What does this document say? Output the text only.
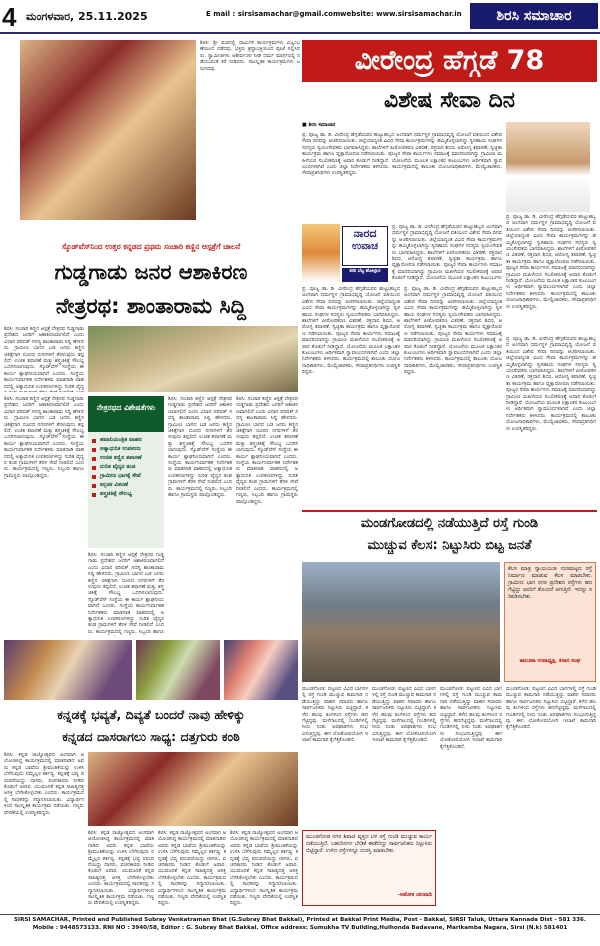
4 ಮಂಗಳವಾರ, 25.11.2025	E mail : sirsisamachar@gmail.com website: www.sirsisamachar.in	ಶಿರಸಿ ಸಮಾಚಾರ
ಶಿರಸಿ: ಶ್ರೀ ಮಠದಲ್ಲಿ ಧಾರ್ಮಿಕ ಕಾರ್ಯಕ್ರಮಗಳು ವಿಜೃಂಭಣೆಯಿಂದ ನಡೆದವು. ಭಕ್ತರು ಶ್ರದ್ಧಾಭಕ್ತಿಯಿಂದ ಪೂಜೆ ಸಲ್ಲಿಸಿದರು. ಸ್ವಾಮೀಜಿಗಳು ಆಶೀರ್ವಚನ ನೀಡಿ ಧರ್ಮ ಮಾರ್ಗದಲ್ಲಿ ನಡೆಯುವಂತೆ ಕರೆ ನೀಡಿದರು. ಸಾಂಸ್ಕೃತಿಕ ಕಾರ್ಯಕ್ರಮಗಳು ಜರುಗಿದವು.	ವೀರೇಂದ್ರ ಹೆಗ್ಗಡೆ 78
ವಿಶೇಷ ಸೇವಾ ದಿನ
■ ಶಿರಸಿ ಸಮಾಚಾರ
ಪ್ರ. ಪೂಜ್ಯ ಡಾ. ಡಿ. ವೀರೇಂದ್ರ ಹೆಗ್ಗಡೆಯವರ ಹುಟ್ಟುಹಬ್ಬದ ಅಂಗವಾಗಿ ಧರ್ಮಸ್ಥಳ ಗ್ರಾಮಾಭಿವೃದ್ಧಿ ಯೋಜನೆ ವತಿಯಿಂದ ವಿಶೇಷ ಸೇವಾ ದಿನವನ್ನು ಆಚರಿಸಲಾಯಿತು. ಜಿಲ್ಲೆಯಾದ್ಯಂತ ವಿವಿಧ ಸೇವಾ ಕಾರ್ಯಕ್ರಮಗಳನ್ನು ಹಮ್ಮಿಕೊಳ್ಳಲಾಗಿದ್ದು ಸ್ವಸಹಾಯ ಸಂಘಗಳ ಸದಸ್ಯರು ಸ್ವಯಂಸೇವಕರು ಭಾಗವಹಿಸಿದ್ದರು. ಶಾಲೆಗಳಿಗೆ ಪೀಠೋಪಕರಣ ವಿತರಣೆ, ರಕ್ತದಾನ ಶಿಬಿರ, ಆರೋಗ್ಯ ತಪಾಸಣೆ, ಸ್ವಚ್ಛತಾ ಕಾರ್ಯಕ್ರಮ ಹಾಗೂ ವೃಕ್ಷಾರೋಪಣ ನಡೆಸಲಾಯಿತು. ಪೂಜ್ಯರ ಸೇವಾ ಕಾರ್ಯಗಳು ಸಮಾಜಕ್ಕೆ ಮಾದರಿಯಾಗಿದ್ದು ಗ್ರಾಮೀಣ ಮಹಿಳೆಯರ ಸಬಲೀಕರಣಕ್ಕೆ ಅಪಾರ ಕೊಡುಗೆ ನೀಡಿದ್ದಾರೆ. ಯೋಜನೆಯ ಮೂಲಕ ಲಕ್ಷಾಂತರ ಕುಟುಂಬಗಳು ಆರ್ಥಿಕವಾಗಿ ಸ್ವಾವಲಂಬಿಗಳಾಗಿವೆ ಎಂದು ಜಿಲ್ಲಾ ನಿರ್ದೇಶಕರು ತಿಳಿಸಿದರು. ಕಾರ್ಯಕ್ರಮದಲ್ಲಿ ತಾಲೂಕು ಯೋಜನಾಧಿಕಾರಿಗಳು, ಮೇಲ್ವಿಚಾರಕರು, ಸೇವಾಪ್ರತಿನಿಧಿಗಳು ಉಪಸ್ಥಿತರಿದ್ದರು.
ಪ್ರ. ಪೂಜ್ಯ ಡಾ. ಡಿ. ವೀರೇಂದ್ರ ಹೆಗ್ಗಡೆಯವರ ಹುಟ್ಟುಹಬ್ಬದ ಅಂಗವಾಗಿ ಧರ್ಮಸ್ಥಳ ಗ್ರಾಮಾಭಿವೃದ್ಧಿ ಯೋಜನೆ ವತಿಯಿಂದ ವಿಶೇಷ ಸೇವಾ ದಿನವನ್ನು ಆಚರಿಸಲಾಯಿತು. ಜಿಲ್ಲೆಯಾದ್ಯಂತ ವಿವಿಧ ಸೇವಾ ಕಾರ್ಯಕ್ರಮಗಳನ್ನು ಹಮ್ಮಿಕೊಳ್ಳಲಾಗಿದ್ದು ಸ್ವಸಹಾಯ ಸಂಘಗಳ ಸದಸ್ಯರು ಸ್ವಯಂಸೇವಕರು ಭಾಗವಹಿಸಿದ್ದರು. ಶಾಲೆಗಳಿಗೆ ಪೀಠೋಪಕರಣ ವಿತರಣೆ, ರಕ್ತದಾನ ಶಿಬಿರ, ಆರೋಗ್ಯ ತಪಾಸಣೆ, ಸ್ವಚ್ಛತಾ ಕಾರ್ಯಕ್ರಮ ಹಾಗೂ ವೃಕ್ಷಾರೋಪಣ ನಡೆಸಲಾಯಿತು. ಪೂಜ್ಯರ ಸೇವಾ ಕಾರ್ಯಗಳು ಸಮಾಜಕ್ಕೆ ಮಾದರಿಯಾಗಿದ್ದು ಗ್ರಾಮೀಣ ಮಹಿಳೆಯರ ಸಬಲೀಕರಣಕ್ಕೆ ಅಪಾರ ಕೊಡುಗೆ ನೀಡಿದ್ದಾರೆ. ಯೋಜನೆಯ ಮೂಲಕ ಲಕ್ಷಾಂತರ ಕುಟುಂಬಗಳು ಆರ್ಥಿಕವಾಗಿ ಸ್ವಾವಲಂಬಿಗಳಾಗಿವೆ ಎಂದು ಜಿಲ್ಲಾ ನಿರ್ದೇಶಕರು ತಿಳಿಸಿದರು. ಕಾರ್ಯಕ್ರಮದಲ್ಲಿ ತಾಲೂಕು ಯೋಜನಾಧಿಕಾರಿಗಳು, ಮೇಲ್ವಿಚಾರಕರು, ಸೇವಾಪ್ರತಿನಿಧಿಗಳು ಉಪಸ್ಥಿತರಿದ್ದರು.
ನಾರದ
ಉವಾಚ
ಕನಕ ಬೆಟ್ಟ ಹೋಲ್ತಾನ
ಪ್ರ. ಪೂಜ್ಯ ಡಾ. ಡಿ. ವೀರೇಂದ್ರ ಹೆಗ್ಗಡೆಯವರ ಹುಟ್ಟುಹಬ್ಬದ ಅಂಗವಾಗಿ ಧರ್ಮಸ್ಥಳ ಗ್ರಾಮಾಭಿವೃದ್ಧಿ ಯೋಜನೆ ವತಿಯಿಂದ ವಿಶೇಷ ಸೇವಾ ದಿನವನ್ನು ಆಚರಿಸಲಾಯಿತು. ಜಿಲ್ಲೆಯಾದ್ಯಂತ ವಿವಿಧ ಸೇವಾ ಕಾರ್ಯಕ್ರಮಗಳನ್ನು ಹಮ್ಮಿಕೊಳ್ಳಲಾಗಿದ್ದು ಸ್ವಸಹಾಯ ಸಂಘಗಳ ಸದಸ್ಯರು ಸ್ವಯಂಸೇವಕರು ಭಾಗವಹಿಸಿದ್ದರು. ಶಾಲೆಗಳಿಗೆ ಪೀಠೋಪಕರಣ ವಿತರಣೆ, ರಕ್ತದಾನ ಶಿಬಿರ, ಆರೋಗ್ಯ ತಪಾಸಣೆ, ಸ್ವಚ್ಛತಾ ಕಾರ್ಯಕ್ರಮ ಹಾಗೂ ವೃಕ್ಷಾರೋಪಣ ನಡೆಸಲಾಯಿತು. ಪೂಜ್ಯರ ಸೇವಾ ಕಾರ್ಯಗಳು ಸಮಾಜಕ್ಕೆ ಮಾದರಿಯಾಗಿದ್ದು ಗ್ರಾಮೀಣ ಮಹಿಳೆಯರ ಸಬಲೀಕರಣಕ್ಕೆ ಅಪಾರ ಕೊಡುಗೆ ನೀಡಿದ್ದಾರೆ. ಯೋಜನೆಯ ಮೂಲಕ ಲಕ್ಷಾಂತರ ಕುಟುಂಬಗಳು
ಸ್ಕೊಡ್‌ವೆಸ್‌ನಿಂದ ಉತ್ತರ ಕನ್ನಡದ ಪ್ರಥಮ ಸಂಚಾರಿ ಕಣ್ಣಿನ ಆಸ್ಪತ್ರೆಗೆ ಚಾಲನೆ
ಗುಡ್ಡಗಾಡು ಜನರ ಆಶಾಕಿರಣ
ನೇತ್ರರಥ: ಶಾಂತಾರಾಮ ಸಿದ್ದಿ
ಶಿರಸಿ: ಸಂಚಾರಿ ಕಣ್ಣಿನ ಆಸ್ಪತ್ರೆ ನೇತ್ರರಥ ಗುಡ್ಡಗಾಡು ಪ್ರದೇಶದ ಜನರಿಗೆ ಆಶಾಕಿರಣವಾಗಲಿದೆ ಎಂದು ವಿಧಾನ ಪರಿಷತ್ ಸದಸ್ಯ ಶಾಂತಾರಾಮ ಸಿದ್ದಿ ಹೇಳಿದರು. ಗ್ರಾಮೀಣ ಭಾಗದ ಬಡ ಜನರು ಕಣ್ಣಿನ ಚಿಕಿತ್ಸೆಗಾಗಿ ದೂರದ ನಗರಗಳಿಗೆ ತೆರಳುವುದು ತಪ್ಪಲಿದೆ. ಉಚಿತ ತಪಾಸಣೆ ಮತ್ತು ಶಸ್ತ್ರಚಿಕಿತ್ಸೆ ಸೌಲಭ್ಯ ಒದಗಿಸಲಾಗುವುದು. ಸ್ಕೊಡ್‌ವೆಸ್ ಸಂಸ್ಥೆಯ ಈ ಕಾರ್ಯ ಶ್ಲಾಘನೀಯವಾಗಿದೆ ಎಂದರು. ಸಂಸ್ಥೆಯ ಕಾರ್ಯನಿರ್ವಾಹಕ ನಿರ್ದೇಶಕರು ಮಾತನಾಡಿ ವಾಹನದಲ್ಲಿ ಅತ್ಯಾಧುನಿಕ ಉಪಕರಣಗಳಿದ್ದು ನುರಿತ ವೈದ್ಯ
ನೇತ್ರರಥದ ವಿಶೇಷತೆಗಳು
ಹವಾನಿಯಂತ್ರಿತ ವಾಹನ
ಅತ್ಯಾಧುನಿಕ ಉಪಕರಣ
ಉಚಿತ ಕಣ್ಣಿನ ತಪಾಸಣೆ
ನುರಿತ ವೈದ್ಯರ ತಂಡ
ಗ್ರಾಮೀಣ ಭಾಗಕ್ಕೆ ಸೇವೆ
ಕನ್ನಡಕ ವಿತರಣೆ
ಶಸ್ತ್ರಚಿಕಿತ್ಸೆ ಸೌಲಭ್ಯ
ಶಿರಸಿ: ಸಂಚಾರಿ ಕಣ್ಣಿನ ಆಸ್ಪತ್ರೆ ನೇತ್ರರಥ ಗುಡ್ಡಗಾಡು ಪ್ರದೇಶದ ಜನರಿಗೆ ಆಶಾಕಿರಣವಾಗಲಿದೆ ಎಂದು ವಿಧಾನ ಪರಿಷತ್ ಸದಸ್ಯ ಶಾಂತಾರಾಮ ಸಿದ್ದಿ ಹೇಳಿದರು. ಗ್ರಾಮೀಣ ಭಾಗದ ಬಡ ಜನರು ಕಣ್ಣಿನ ಚಿಕಿತ್ಸೆಗಾಗಿ ದೂರದ ನಗರಗಳಿಗೆ ತೆರಳುವುದು ತಪ್ಪಲಿದೆ. ಉಚಿತ ತಪಾಸಣೆ ಮತ್ತು ಶಸ್ತ್ರಚಿಕಿತ್ಸೆ ಸೌಲಭ್ಯ ಒದಗಿಸಲಾಗುವುದು. ಸ್ಕೊಡ್‌ವೆಸ್ ಸಂಸ್ಥೆಯ ಈ ಕಾರ್ಯ ಶ್ಲಾಘನೀಯವಾಗಿದೆ ಎಂದರು. ಸಂಸ್ಥೆಯ ಕಾರ್ಯನಿರ್ವಾಹಕ ನಿರ್ದೇಶಕರು ಮಾತನಾಡಿ ವಾಹನದಲ್ಲಿ ಅತ್ಯಾಧುನಿಕ ಉಪಕರಣಗಳಿದ್ದು ನುರಿತ ವೈದ್ಯರ ತಂಡ ಗ್ರಾಮಗಳಿಗೆ ತೆರಳಿ ಸೇವೆ ನೀಡಲಿದೆ ಎಂದರು. ಕಾರ್ಯಕ್ರಮದಲ್ಲಿ ಗಣ್ಯರು, ಸಿಬ್ಬಂದಿ ಹಾಗೂ ಗ್ರಾಮಸ್ಥರು ಪಾಲ್ಗೊಂಡಿದ್ದರು.
ಶಿರಸಿ: ಸಂಚಾರಿ ಕಣ್ಣಿನ ಆಸ್ಪತ್ರೆ ನೇತ್ರರಥ ಗುಡ್ಡಗಾಡು ಪ್ರದೇಶದ ಜನರಿಗೆ ಆಶಾಕಿರಣವಾಗಲಿದೆ ಎಂದು ವಿಧಾನ ಪರಿಷತ್ ಸದಸ್ಯ ಶಾಂತಾರಾಮ ಸಿದ್ದಿ ಹೇಳಿದರು. ಗ್ರಾಮೀಣ ಭಾಗದ ಬಡ ಜನರು ಕಣ್ಣಿನ ಚಿಕಿತ್ಸೆಗಾಗಿ ದೂರದ ನಗರಗಳಿಗೆ ತೆರಳುವುದು ತಪ್ಪಲಿದೆ. ಉಚಿತ ತಪಾಸಣೆ ಮತ್ತು ಶಸ್ತ್ರಚಿಕಿತ್ಸೆ ಸೌಲಭ್ಯ ಒದಗಿಸಲಾಗುವುದು. ಸ್ಕೊಡ್‌ವೆಸ್ ಸಂಸ್ಥೆಯ ಈ ಕಾರ್ಯ ಶ್ಲಾಘನೀಯವಾಗಿದೆ ಎಂದರು. ಸಂಸ್ಥೆಯ ಕಾರ್ಯನಿರ್ವಾಹಕ ನಿರ್ದೇಶಕರು ಮಾತನಾಡಿ ವಾಹನದಲ್ಲಿ ಅತ್ಯಾಧುನಿಕ ಉಪಕರಣಗಳಿದ್ದು ನುರಿತ ವೈದ್ಯರ ತಂಡ ಗ್ರಾಮಗಳಿಗೆ ತೆರಳಿ ಸೇವೆ ನೀಡಲಿದೆ ಎಂದರು. ಕಾರ್ಯಕ್ರಮದಲ್ಲಿ ಗಣ್ಯರು, ಸಿಬ್ಬಂದಿ ಹಾಗೂ ಗ್ರಾಮಸ್ಥರು ಪಾಲ್ಗೊಂಡಿದ್ದರು.
ಶಿರಸಿ: ಸಂಚಾರಿ ಕಣ್ಣಿನ ಆಸ್ಪತ್ರೆ ನೇತ್ರರಥ ಗುಡ್ಡಗಾಡು ಪ್ರದೇಶದ ಜನರಿಗೆ ಆಶಾಕಿರಣವಾಗಲಿದೆ ಎಂದು ವಿಧಾನ ಪರಿಷತ್ ಸದಸ್ಯ ಶಾಂತಾರಾಮ ಸಿದ್ದಿ ಹೇಳಿದರು. ಗ್ರಾಮೀಣ ಭಾಗದ ಬಡ ಜನರು ಕಣ್ಣಿನ ಚಿಕಿತ್ಸೆಗಾಗಿ ದೂರದ ನಗರಗಳಿಗೆ ತೆರಳುವುದು ತಪ್ಪಲಿದೆ. ಉಚಿತ ತಪಾಸಣೆ ಮತ್ತು ಶಸ್ತ್ರಚಿಕಿತ್ಸೆ ಸೌಲಭ್ಯ ಒದಗಿಸಲಾಗುವುದು. ಸ್ಕೊಡ್‌ವೆಸ್ ಸಂಸ್ಥೆಯ ಈ ಕಾರ್ಯ ಶ್ಲಾಘನೀಯವಾಗಿದೆ ಎಂದರು. ಸಂಸ್ಥೆಯ ಕಾರ್ಯನಿರ್ವಾಹಕ ನಿರ್ದೇಶಕರು ಮಾತನಾಡಿ ವಾಹನದಲ್ಲಿ ಅತ್ಯಾಧುನಿಕ ಉಪಕರಣಗಳಿದ್ದು ನುರಿತ ವೈದ್ಯರ ತಂಡ ಗ್ರಾಮಗಳಿಗೆ ತೆರಳಿ ಸೇವೆ ನೀಡಲಿದೆ ಎಂದರು. ಕಾರ್ಯಕ್ರಮದಲ್ಲಿ ಗಣ್ಯರು, ಸಿಬ್ಬಂದಿ ಹಾಗೂ ಗ್ರಾಮಸ್ಥರು ಪಾಲ್ಗೊಂಡಿದ್ದರು.
ಶಿರಸಿ: ಸಂಚಾರಿ ಕಣ್ಣಿನ ಆಸ್ಪತ್ರೆ ನೇತ್ರರಥ ಗುಡ್ಡಗಾಡು ಪ್ರದೇಶದ ಜನರಿಗೆ ಆಶಾಕಿರಣವಾಗಲಿದೆ ಎಂದು ವಿಧಾನ ಪರಿಷತ್ ಸದಸ್ಯ ಶಾಂತಾರಾಮ ಸಿದ್ದಿ ಹೇಳಿದರು. ಗ್ರಾಮೀಣ ಭಾಗದ ಬಡ ಜನರು ಕಣ್ಣಿನ ಚಿಕಿತ್ಸೆಗಾಗಿ ದೂರದ ನಗರಗಳಿಗೆ ತೆರಳುವುದು ತಪ್ಪಲಿದೆ. ಉಚಿತ ತಪಾಸಣೆ ಮತ್ತು ಶಸ್ತ್ರಚಿಕಿತ್ಸೆ ಸೌಲಭ್ಯ ಒದಗಿಸಲಾಗುವುದು. ಸ್ಕೊಡ್‌ವೆಸ್ ಸಂಸ್ಥೆಯ ಈ ಕಾರ್ಯ ಶ್ಲಾಘನೀಯವಾಗಿದೆ ಎಂದರು. ಸಂಸ್ಥೆಯ ಕಾರ್ಯನಿರ್ವಾಹಕ ನಿರ್ದೇಶಕರು ಮಾತನಾಡಿ ವಾಹನದಲ್ಲಿ ಅತ್ಯಾಧುನಿಕ ಉಪಕರಣಗಳಿದ್ದು ನುರಿತ ವೈದ್ಯರ ತಂಡ ಗ್ರಾಮಗಳಿಗೆ ತೆರಳಿ ಸೇವೆ ನೀಡಲಿದೆ ಎಂದರು. ಕಾರ್ಯಕ್ರಮದಲ್ಲಿ ಗಣ್ಯರು, ಸಿಬ್ಬಂದಿ ಹಾಗೂ
ಪ್ರ. ಪೂಜ್ಯ ಡಾ. ಡಿ. ವೀರೇಂದ್ರ ಹೆಗ್ಗಡೆಯವರ ಹುಟ್ಟುಹಬ್ಬದ ಅಂಗವಾಗಿ ಧರ್ಮಸ್ಥಳ ಗ್ರಾಮಾಭಿವೃದ್ಧಿ ಯೋಜನೆ ವತಿಯಿಂದ ವಿಶೇಷ ಸೇವಾ ದಿನವನ್ನು ಆಚರಿಸಲಾಯಿತು. ಜಿಲ್ಲೆಯಾದ್ಯಂತ ವಿವಿಧ ಸೇವಾ ಕಾರ್ಯಕ್ರಮಗಳನ್ನು ಹಮ್ಮಿಕೊಳ್ಳಲಾಗಿದ್ದು ಸ್ವಸಹಾಯ ಸಂಘಗಳ ಸದಸ್ಯರು ಸ್ವಯಂಸೇವಕರು ಭಾಗವಹಿಸಿದ್ದರು. ಶಾಲೆಗಳಿಗೆ ಪೀಠೋಪಕರಣ ವಿತರಣೆ, ರಕ್ತದಾನ ಶಿಬಿರ, ಆರೋಗ್ಯ ತಪಾಸಣೆ, ಸ್ವಚ್ಛತಾ ಕಾರ್ಯಕ್ರಮ ಹಾಗೂ ವೃಕ್ಷಾರೋಪಣ ನಡೆಸಲಾಯಿತು. ಪೂಜ್ಯರ ಸೇವಾ ಕಾರ್ಯಗಳು ಸಮಾಜಕ್ಕೆ ಮಾದರಿಯಾಗಿದ್ದು ಗ್ರಾಮೀಣ ಮಹಿಳೆಯರ ಸಬಲೀಕರಣಕ್ಕೆ ಅಪಾರ ಕೊಡುಗೆ ನೀಡಿದ್ದಾರೆ. ಯೋಜನೆಯ ಮೂಲಕ ಲಕ್ಷಾಂತರ ಕುಟುಂಬಗಳು ಆರ್ಥಿಕವಾಗಿ ಸ್ವಾವಲಂಬಿಗಳಾಗಿವೆ ಎಂದು ಜಿಲ್ಲಾ ನಿರ್ದೇಶಕರು ತಿಳಿಸಿದರು. ಕಾರ್ಯಕ್ರಮದಲ್ಲಿ ತಾಲೂಕು ಯೋಜನಾಧಿಕಾರಿಗಳು, ಮೇಲ್ವಿಚಾರಕರು, ಸೇವಾಪ್ರತಿನಿಧಿಗಳು ಉಪಸ್ಥಿತರಿದ್ದರು.
ಪ್ರ. ಪೂಜ್ಯ ಡಾ. ಡಿ. ವೀರೇಂದ್ರ ಹೆಗ್ಗಡೆಯವರ ಹುಟ್ಟುಹಬ್ಬದ ಅಂಗವಾಗಿ ಧರ್ಮಸ್ಥಳ ಗ್ರಾಮಾಭಿವೃದ್ಧಿ ಯೋಜನೆ ವತಿಯಿಂದ ವಿಶೇಷ ಸೇವಾ ದಿನವನ್ನು ಆಚರಿಸಲಾಯಿತು. ಜಿಲ್ಲೆಯಾದ್ಯಂತ ವಿವಿಧ ಸೇವಾ ಕಾರ್ಯಕ್ರಮಗಳನ್ನು ಹಮ್ಮಿಕೊಳ್ಳಲಾಗಿದ್ದು ಸ್ವಸಹಾಯ ಸಂಘಗಳ ಸದಸ್ಯರು ಸ್ವಯಂಸೇವಕರು ಭಾಗವಹಿಸಿದ್ದರು. ಶಾಲೆಗಳಿಗೆ ಪೀಠೋಪಕರಣ ವಿತರಣೆ, ರಕ್ತದಾನ ಶಿಬಿರ, ಆರೋಗ್ಯ ತಪಾಸಣೆ, ಸ್ವಚ್ಛತಾ ಕಾರ್ಯಕ್ರಮ ಹಾಗೂ ವೃಕ್ಷಾರೋಪಣ ನಡೆಸಲಾಯಿತು. ಪೂಜ್ಯರ ಸೇವಾ ಕಾರ್ಯಗಳು ಸಮಾಜಕ್ಕೆ ಮಾದರಿಯಾಗಿದ್ದು ಗ್ರಾಮೀಣ ಮಹಿಳೆಯರ ಸಬಲೀಕರಣಕ್ಕೆ ಅಪಾರ ಕೊಡುಗೆ ನೀಡಿದ್ದಾರೆ. ಯೋಜನೆಯ ಮೂಲಕ ಲಕ್ಷಾಂತರ ಕುಟುಂಬಗಳು ಆರ್ಥಿಕವಾಗಿ ಸ್ವಾವಲಂಬಿಗಳಾಗಿವೆ ಎಂದು ಜಿಲ್ಲಾ ನಿರ್ದೇಶಕರು ತಿಳಿಸಿದರು. ಕಾರ್ಯಕ್ರಮದಲ್ಲಿ ತಾಲೂಕು ಯೋಜನಾಧಿಕಾರಿಗಳು, ಮೇಲ್ವಿಚಾರಕರು, ಸೇವಾಪ್ರತಿನಿಧಿಗಳು ಉಪಸ್ಥಿತರಿದ್ದರು.
ಪ್ರ. ಪೂಜ್ಯ ಡಾ. ಡಿ. ವೀರೇಂದ್ರ ಹೆಗ್ಗಡೆಯವರ ಹುಟ್ಟುಹಬ್ಬದ ಅಂಗವಾಗಿ ಧರ್ಮಸ್ಥಳ ಗ್ರಾಮಾಭಿವೃದ್ಧಿ ಯೋಜನೆ ವತಿಯಿಂದ ವಿಶೇಷ ಸೇವಾ ದಿನವನ್ನು ಆಚರಿಸಲಾಯಿತು. ಜಿಲ್ಲೆಯಾದ್ಯಂತ ವಿವಿಧ ಸೇವಾ ಕಾರ್ಯಕ್ರಮಗಳನ್ನು ಹಮ್ಮಿಕೊಳ್ಳಲಾಗಿದ್ದು ಸ್ವಸಹಾಯ ಸಂಘಗಳ ಸದಸ್ಯರು ಸ್ವಯಂಸೇವಕರು ಭಾಗವಹಿಸಿದ್ದರು. ಶಾಲೆಗಳಿಗೆ ಪೀಠೋಪಕರಣ ವಿತರಣೆ, ರಕ್ತದಾನ ಶಿಬಿರ, ಆರೋಗ್ಯ ತಪಾಸಣೆ, ಸ್ವಚ್ಛತಾ ಕಾರ್ಯಕ್ರಮ ಹಾಗೂ ವೃಕ್ಷಾರೋಪಣ ನಡೆಸಲಾಯಿತು. ಪೂಜ್ಯರ ಸೇವಾ ಕಾರ್ಯಗಳು ಸಮಾಜಕ್ಕೆ ಮಾದರಿಯಾಗಿದ್ದು ಗ್ರಾಮೀಣ ಮಹಿಳೆಯರ ಸಬಲೀಕರಣಕ್ಕೆ ಅಪಾರ ಕೊಡುಗೆ ನೀಡಿದ್ದಾರೆ. ಯೋಜನೆಯ ಮೂಲಕ ಲಕ್ಷಾಂತರ ಕುಟುಂಬಗಳು ಆರ್ಥಿಕವಾಗಿ ಸ್ವಾವಲಂಬಿಗಳಾಗಿವೆ ಎಂದು ಜಿಲ್ಲಾ ನಿರ್ದೇಶಕರು ತಿಳಿಸಿದರು. ಕಾರ್ಯಕ್ರಮದಲ್ಲಿ ತಾಲೂಕು ಯೋಜನಾಧಿಕಾರಿಗಳು, ಮೇಲ್ವಿಚಾರಕರು, ಸೇವಾಪ್ರತಿನಿಧಿಗಳು ಉಪಸ್ಥಿತರಿದ್ದರು.
ಮಂಡಗೋಡದಲ್ಲಿ ನಡೆಯುತ್ತಿದೆ ರಸ್ತೆ ಗುಂಡಿ
ಮುಚ್ಚುವ ಕೆಲಸ: ನಿಟ್ಟುಸಿರು ಬಿಟ್ಟ ಜನತೆ
ಕೆಲಸ ಮಾತ್ರ ನ್ಯಾಯಯುತ ಗುಣಮಟ್ಟದ ರಸ್ತೆ ನಿರ್ಮಾಣ ಮಾಡುವ ಕೆಲಸ ಮಾಡಬೇಕು. ಗ್ರಾಮೀಣ ಭಾಗ ನಗರ ಪ್ರದೇಶದ ರಸ್ತೆಗಳು ಹದಗೆಟ್ಟಿದ್ದು ಜನರಿಗೆ ತೊಂದರೆ ಆಗುತ್ತಿದೆ. ಇದನ್ನು ಸರಿಪಡಿಸಬೇಕು.
ತಾಲೂಕಾ ಉಪಾಧ್ಯಕ್ಷ, ಕಿಸಾನ ಸಂಘ
ಮುಂಡಗೋಡ: ಪಟ್ಟಣದ ವಿವಿಧ ಭಾಗಗಳಲ್ಲಿ ರಸ್ತೆ ಗುಂಡಿ ಮುಚ್ಚುವ ಕಾಮಗಾರಿ ನಡೆಯುತ್ತಿದ್ದು ವಾಹನ ಸವಾರರು ಹಾಗೂ ಸಾರ್ವಜನಿಕರು ನಿಟ್ಟುಸಿರು ಬಿಟ್ಟಿದ್ದಾರೆ. ಕಳೆದ ಹಲವು ತಿಂಗಳಿಂದ ರಸ್ತೆಗಳು ಹದಗೆಟ್ಟಿದ್ದವು. ಮಳೆಗಾಲದಲ್ಲಿ ಗುಂಡಿಗಳಲ್ಲಿ ನೀರು ನಿಂತು ಅಪಘಾತಗಳು ಸಂಭವಿಸುತ್ತಿದ್ದವು. ಈಗ ಲೋಕೋಪಯೋಗಿ ಇಲಾಖೆ ಕಾಮಗಾರಿ ಕೈಗೆತ್ತಿಕೊಂಡಿದೆ.
ಮುಂಡಗೋಡ: ಪಟ್ಟಣದ ವಿವಿಧ ಭಾಗಗಳಲ್ಲಿ ರಸ್ತೆ ಗುಂಡಿ ಮುಚ್ಚುವ ಕಾಮಗಾರಿ ನಡೆಯುತ್ತಿದ್ದು ವಾಹನ ಸವಾರರು ಹಾಗೂ ಸಾರ್ವಜನಿಕರು ನಿಟ್ಟುಸಿರು ಬಿಟ್ಟಿದ್ದಾರೆ. ಕಳೆದ ಹಲವು ತಿಂಗಳಿಂದ ರಸ್ತೆಗಳು ಹದಗೆಟ್ಟಿದ್ದವು. ಮಳೆಗಾಲದಲ್ಲಿ ಗುಂಡಿಗಳಲ್ಲಿ ನೀರು ನಿಂತು ಅಪಘಾತಗಳು ಸಂಭವಿಸುತ್ತಿದ್ದವು. ಈಗ ಲೋಕೋಪಯೋಗಿ ಇಲಾಖೆ ಕಾಮಗಾರಿ ಕೈಗೆತ್ತಿಕೊಂಡಿದೆ.
ಮುಂಡಗೋಡ: ಪಟ್ಟಣದ ವಿವಿಧ ಭಾಗಗಳಲ್ಲಿ ರಸ್ತೆ ಗುಂಡಿ ಮುಚ್ಚುವ ಕಾಮಗಾರಿ ನಡೆಯುತ್ತಿದ್ದು ವಾಹನ ಸವಾರರು ಹಾಗೂ ಸಾರ್ವಜನಿಕರು ನಿಟ್ಟುಸಿರು ಬಿಟ್ಟಿದ್ದಾರೆ. ಕಳೆದ ಹಲವು ತಿಂಗಳಿಂದ ರಸ್ತೆಗಳು ಹದಗೆಟ್ಟಿದ್ದವು. ಮಳೆಗಾಲದಲ್ಲಿ ಗುಂಡಿಗಳಲ್ಲಿ ನೀರು ನಿಂತು ಅಪಘಾತಗಳು ಸಂಭವಿಸುತ್ತಿದ್ದವು. ಈಗ ಲೋಕೋಪಯೋಗಿ ಇಲಾಖೆ ಕಾಮಗಾರಿ ಕೈಗೆತ್ತಿಕೊಂಡಿದೆ.
ಮುಂಡಗೋಡ: ಪಟ್ಟಣದ ವಿವಿಧ ಭಾಗಗಳಲ್ಲಿ ರಸ್ತೆ ಗುಂಡಿ ಮುಚ್ಚುವ ಕಾಮಗಾರಿ ನಡೆಯುತ್ತಿದ್ದು ವಾಹನ ಸವಾರರು ಹಾಗೂ ಸಾರ್ವಜನಿಕರು ನಿಟ್ಟುಸಿರು ಬಿಟ್ಟಿದ್ದಾರೆ. ಕಳೆದ ಹಲವು ತಿಂಗಳಿಂದ ರಸ್ತೆಗಳು ಹದಗೆಟ್ಟಿದ್ದವು. ಮಳೆಗಾಲದಲ್ಲಿ ಗುಂಡಿಗಳಲ್ಲಿ ನೀರು ನಿಂತು ಅಪಘಾತಗಳು ಸಂಭವಿಸುತ್ತಿದ್ದವು. ಈಗ ಲೋಕೋಪಯೋಗಿ ಇಲಾಖೆ ಕಾಮಗಾರಿ ಕೈಗೆತ್ತಿಕೊಂಡಿದೆ.
ಮುಂಡಗೋಡ ನಗರ ಶಿವಾಜಿ ವೃತ್ತದ ಬಳಿ ರಸ್ತೆ ಗುಂಡಿ ಮುಚ್ಚುವ ಕಾರ್ಯ ನಡೆಯುತ್ತಿದೆ. ಬಹುದಿನಗಳ ಬೇಡಿಕೆ ಈಡೇರಿದ್ದು ಸಾರ್ವಜನಿಕರು ನಿಟ್ಟುಸಿರು ಬಿಟ್ಟಿದ್ದಾರೆ. ಉಳಿದ ರಸ್ತೆಗಳನ್ನೂ ದುರಸ್ತಿ ಮಾಡಬೇಕು.
-ಅಶೋಕ ಚಲವಾದಿ
ಕನ್ನಡಕ್ಕೆ ಭವ್ಯತೆ, ದಿವ್ಯತೆ ಬಂದರೆ ನಾವು ಹೇಳಿಕ್ಕು
ಕನ್ನಡದ ದಾಸರಾಗಲು ಸಾಧ್ಯ: ದತ್ತಗುರು ಕಂಠಿ
ಶಿರಸಿ: ಕನ್ನಡ ರಾಜ್ಯೋತ್ಸವದ ಅಂಗವಾಗಿ ಆಯೋಜಿಸಿದ್ದ ಕಾರ್ಯಕ್ರಮದಲ್ಲಿ ಮಾತನಾಡಿದ ಅವರು ಕನ್ನಡ ಭಾಷೆಯ ಶ್ರೀಮಂತಿಕೆಯನ್ನು ಉಳಿಸಿ ಬೆಳೆಸುವುದು ನಮ್ಮೆಲ್ಲರ ಕರ್ತವ್ಯ. ಕನ್ನಡಕ್ಕೆ ಭವ್ಯ ಪರಂಪರೆಯಿದ್ದು ದಾಸರು, ವಚನಕಾರರು ನೀಡಿದ ಕೊಡುಗೆ ಅಪಾರ. ಯುವಜನತೆ ಕನ್ನಡ ಸಾಹಿತ್ಯದತ್ತ ಆಸಕ್ತಿ ಬೆಳೆಸಿಕೊಳ್ಳಬೇಕು ಎಂದರು. ಕಾರ್ಯಕ್ರಮದಲ್ಲಿ ಸಾಧಕರನ್ನು ಸನ್ಮಾನಿಸಲಾಯಿತು. ವಿದ್ಯಾರ್ಥಿಗಳಿಂದ ಸಾಂಸ್ಕೃತಿಕ ಕಾರ್ಯಕ್ರಮ ನಡೆಯಿತು. ಗಣ್ಯರು ವೇದಿಕೆಯಲ್ಲಿ ಉಪಸ್ಥಿತರಿದ್ದರು.
ಶಿರಸಿ: ಕನ್ನಡ ರಾಜ್ಯೋತ್ಸವದ ಅಂಗವಾಗಿ ಆಯೋಜಿಸಿದ್ದ ಕಾರ್ಯಕ್ರಮದಲ್ಲಿ ಮಾತನಾಡಿದ ಅವರು ಕನ್ನಡ ಭಾಷೆಯ ಶ್ರೀಮಂತಿಕೆಯನ್ನು ಉಳಿಸಿ ಬೆಳೆಸುವುದು ನಮ್ಮೆಲ್ಲರ ಕರ್ತವ್ಯ. ಕನ್ನಡಕ್ಕೆ ಭವ್ಯ ಪರಂಪರೆಯಿದ್ದು ದಾಸರು, ವಚನಕಾರರು ನೀಡಿದ ಕೊಡುಗೆ ಅಪಾರ. ಯುವಜನತೆ ಕನ್ನಡ ಸಾಹಿತ್ಯದತ್ತ ಆಸಕ್ತಿ ಬೆಳೆಸಿಕೊಳ್ಳಬೇಕು ಎಂದರು. ಕಾರ್ಯಕ್ರಮದಲ್ಲಿ ಸಾಧಕರನ್ನು ಸನ್ಮಾನಿಸಲಾಯಿತು. ವಿದ್ಯಾರ್ಥಿಗಳಿಂದ ಸಾಂಸ್ಕೃತಿಕ ಕಾರ್ಯಕ್ರಮ ನಡೆಯಿತು. ಗಣ್ಯರು ವೇದಿಕೆಯಲ್ಲಿ ಉಪಸ್ಥಿತರಿದ್ದರು.
ಶಿರಸಿ: ಕನ್ನಡ ರಾಜ್ಯೋತ್ಸವದ ಅಂಗವಾಗಿ ಆಯೋಜಿಸಿದ್ದ ಕಾರ್ಯಕ್ರಮದಲ್ಲಿ ಮಾತನಾಡಿದ ಅವರು ಕನ್ನಡ ಭಾಷೆಯ ಶ್ರೀಮಂತಿಕೆಯನ್ನು ಉಳಿಸಿ ಬೆಳೆಸುವುದು ನಮ್ಮೆಲ್ಲರ ಕರ್ತವ್ಯ. ಕನ್ನಡಕ್ಕೆ ಭವ್ಯ ಪರಂಪರೆಯಿದ್ದು ದಾಸರು, ವಚನಕಾರರು ನೀಡಿದ ಕೊಡುಗೆ ಅಪಾರ. ಯುವಜನತೆ ಕನ್ನಡ ಸಾಹಿತ್ಯದತ್ತ ಆಸಕ್ತಿ ಬೆಳೆಸಿಕೊಳ್ಳಬೇಕು ಎಂದರು. ಕಾರ್ಯಕ್ರಮದಲ್ಲಿ ಸಾಧಕರನ್ನು ಸನ್ಮಾನಿಸಲಾಯಿತು. ವಿದ್ಯಾರ್ಥಿಗಳಿಂದ ಸಾಂಸ್ಕೃತಿಕ ಕಾರ್ಯಕ್ರಮ ನಡೆಯಿತು. ಗಣ್ಯರು ವೇದಿಕೆಯಲ್ಲಿ ಉಪಸ್ಥಿತರಿದ್ದರು.
ಶಿರಸಿ: ಕನ್ನಡ ರಾಜ್ಯೋತ್ಸವದ ಅಂಗವಾಗಿ ಆಯೋಜಿಸಿದ್ದ ಕಾರ್ಯಕ್ರಮದಲ್ಲಿ ಮಾತನಾಡಿದ ಅವರು ಕನ್ನಡ ಭಾಷೆಯ ಶ್ರೀಮಂತಿಕೆಯನ್ನು ಉಳಿಸಿ ಬೆಳೆಸುವುದು ನಮ್ಮೆಲ್ಲರ ಕರ್ತವ್ಯ. ಕನ್ನಡಕ್ಕೆ ಭವ್ಯ ಪರಂಪರೆಯಿದ್ದು ದಾಸರು, ವಚನಕಾರರು ನೀಡಿದ ಕೊಡುಗೆ ಅಪಾರ. ಯುವಜನತೆ ಕನ್ನಡ ಸಾಹಿತ್ಯದತ್ತ ಆಸಕ್ತಿ ಬೆಳೆಸಿಕೊಳ್ಳಬೇಕು ಎಂದರು. ಕಾರ್ಯಕ್ರಮದಲ್ಲಿ ಸಾಧಕರನ್ನು ಸನ್ಮಾನಿಸಲಾಯಿತು. ವಿದ್ಯಾರ್ಥಿಗಳಿಂದ ಸಾಂಸ್ಕೃತಿಕ ಕಾರ್ಯಕ್ರಮ ನಡೆಯಿತು. ಗಣ್ಯರು ವೇದಿಕೆಯಲ್ಲಿ ಉಪಸ್ಥಿತರಿದ್ದರು.
SIRSI SAMACHAR, Printed and Published Subray Venkatraman Bhat (G.Subray Bhat Bakkal), Printed at Bakkal Print Media, Post - Bakkal, SIRSI Taluk, Uttara Kannada Dist - 581 336.
Mobile : 9448573133. RNI NO : 3940/58, Editor : G. Subray Bhat Bakkal. Office address: Sumukha TV Building,Hulhonda Badavane, Marikamba Nagara, Sirsi (N.k) 581401
